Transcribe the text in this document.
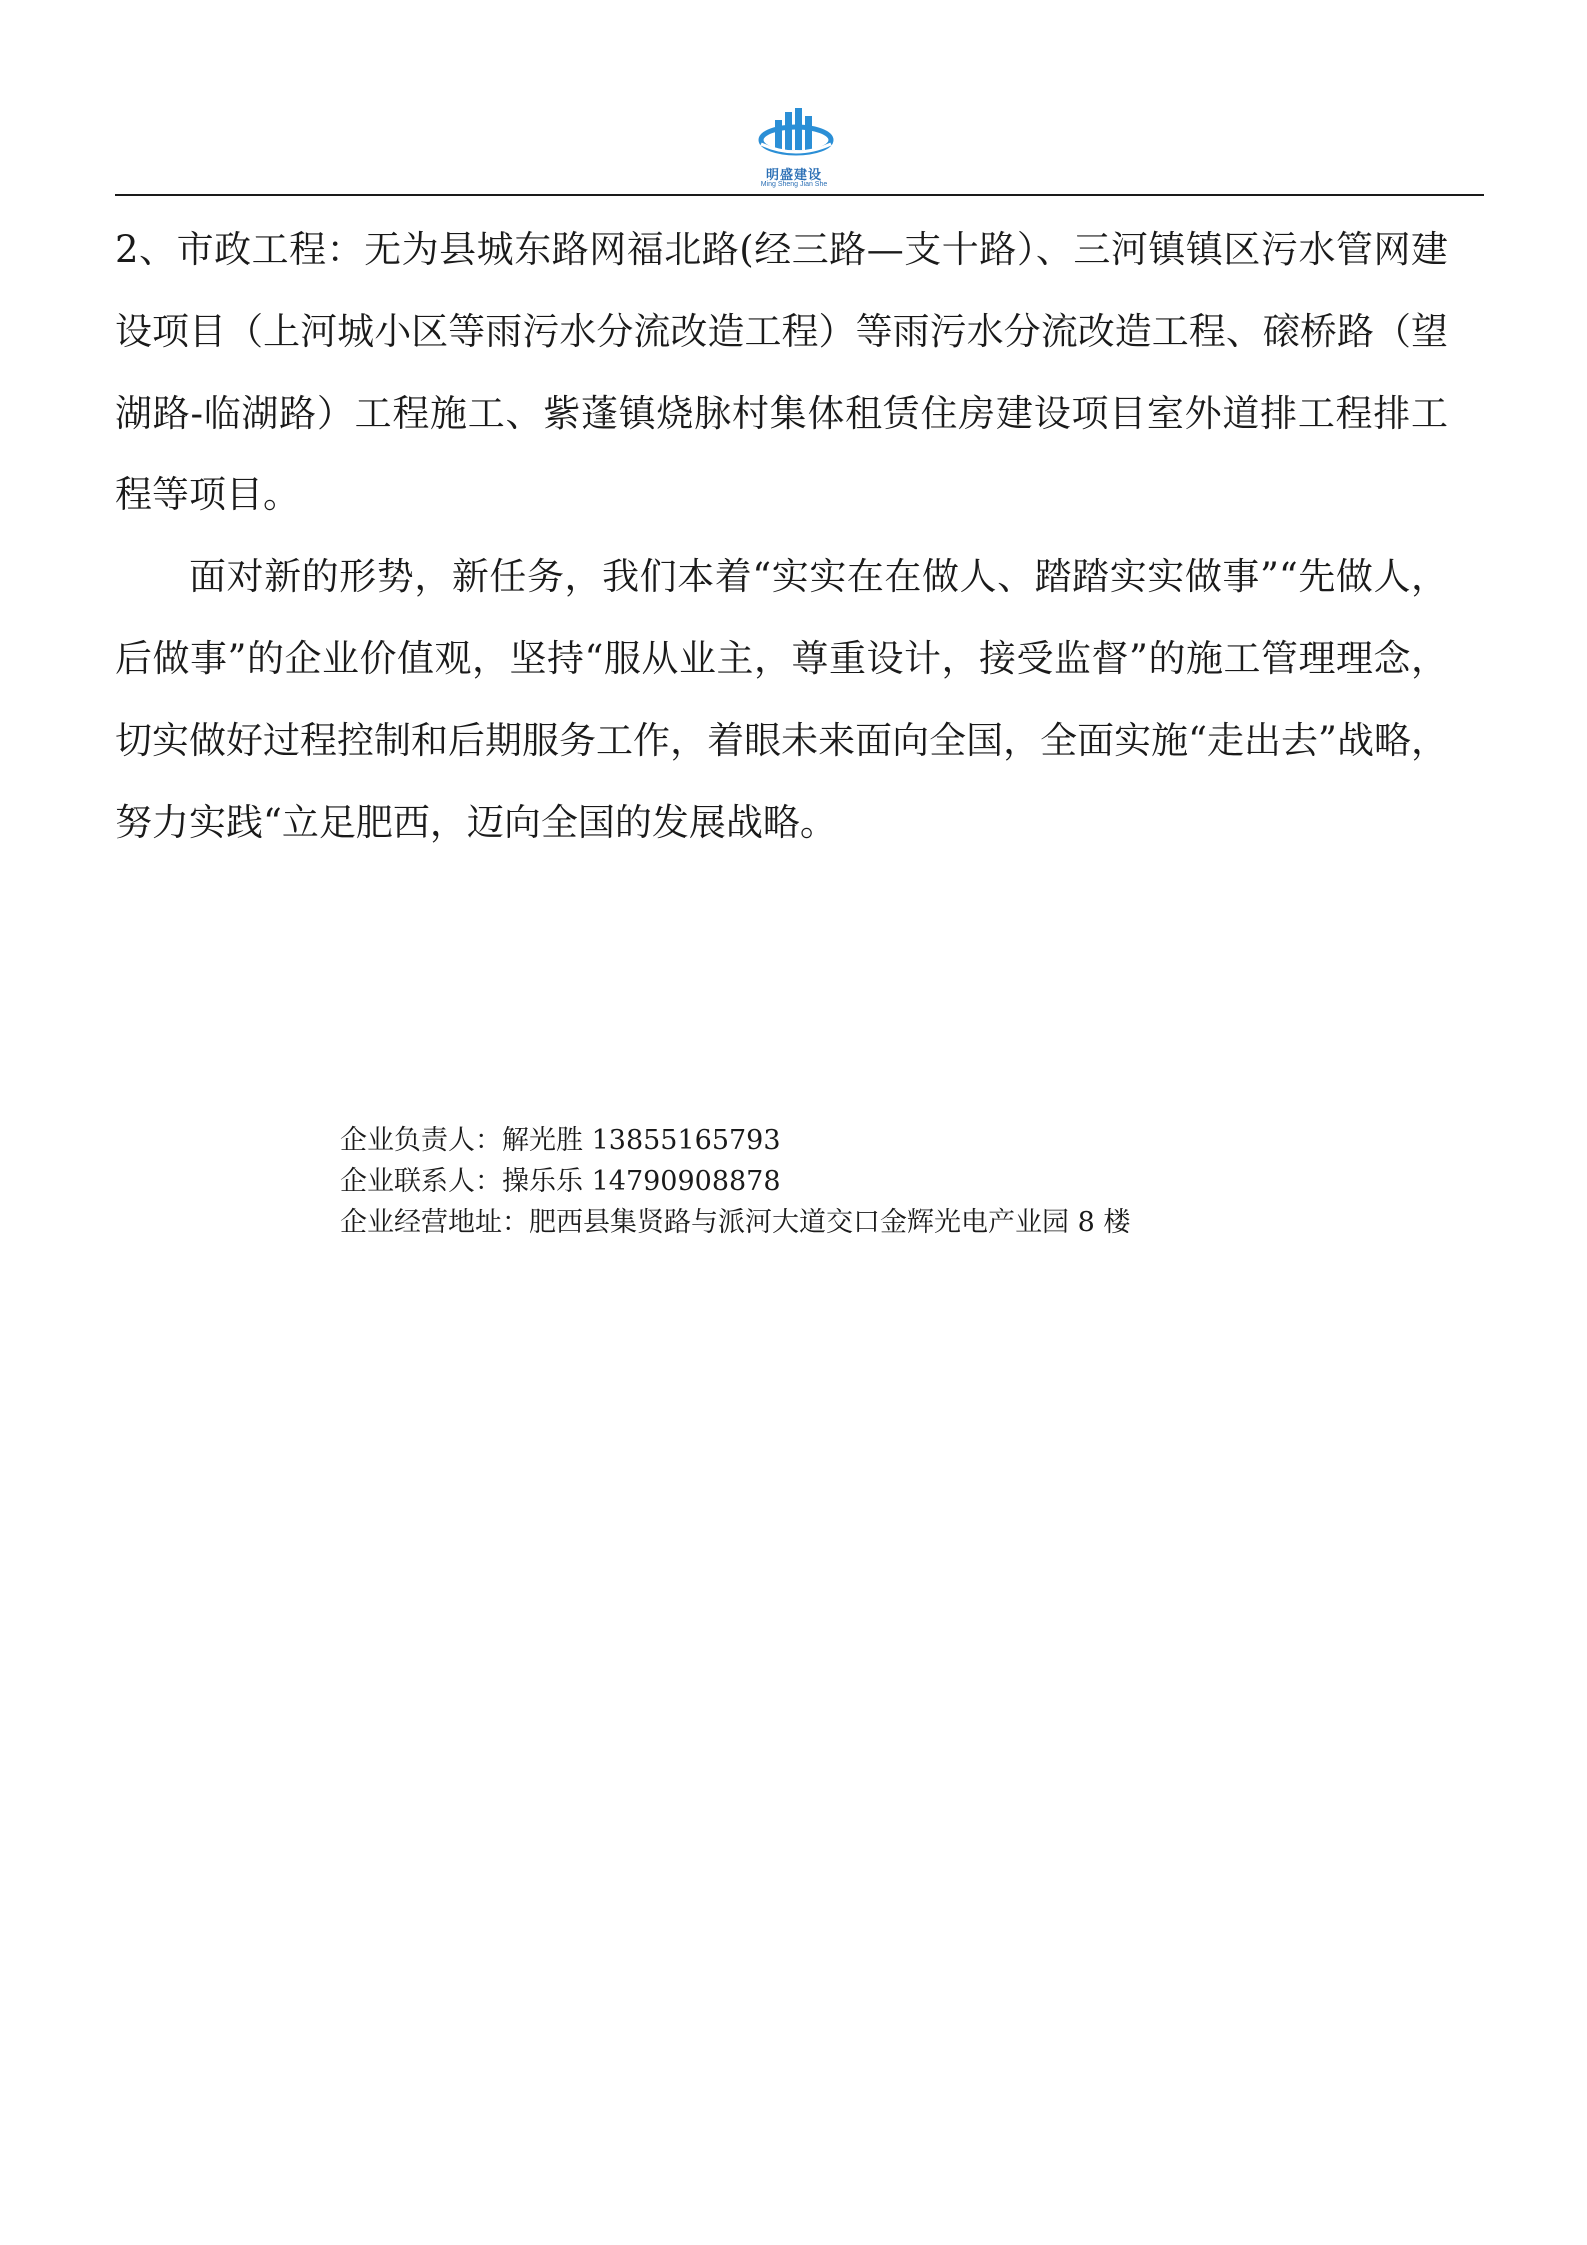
明盛建设
Ming Sheng Jian She

2、市政工程：无为县城东路网福北路(经三路—支十路）、三河镇镇区污水管网建设项目（上河城小区等雨污水分流改造工程）等雨污水分流改造工程、磙桥路（望湖路-临湖路）工程施工、紫蓬镇烧脉村集体租赁住房建设项目室外道排工程排工程等项目。

面对新的形势，新任务，我们本着“实实在在做人、踏踏实实做事”“先做人，后做事”的企业价值观，坚持“服从业主，尊重设计，接受监督”的施工管理理念，切实做好过程控制和后期服务工作，着眼未来面向全国，全面实施“走出去”战略，努力实践“立足肥西，迈向全国的发展战略。

企业负责人：解光胜 13855165793
企业联系人：操乐乐 14790908878
企业经营地址：肥西县集贤路与派河大道交口金辉光电产业园 8 楼
